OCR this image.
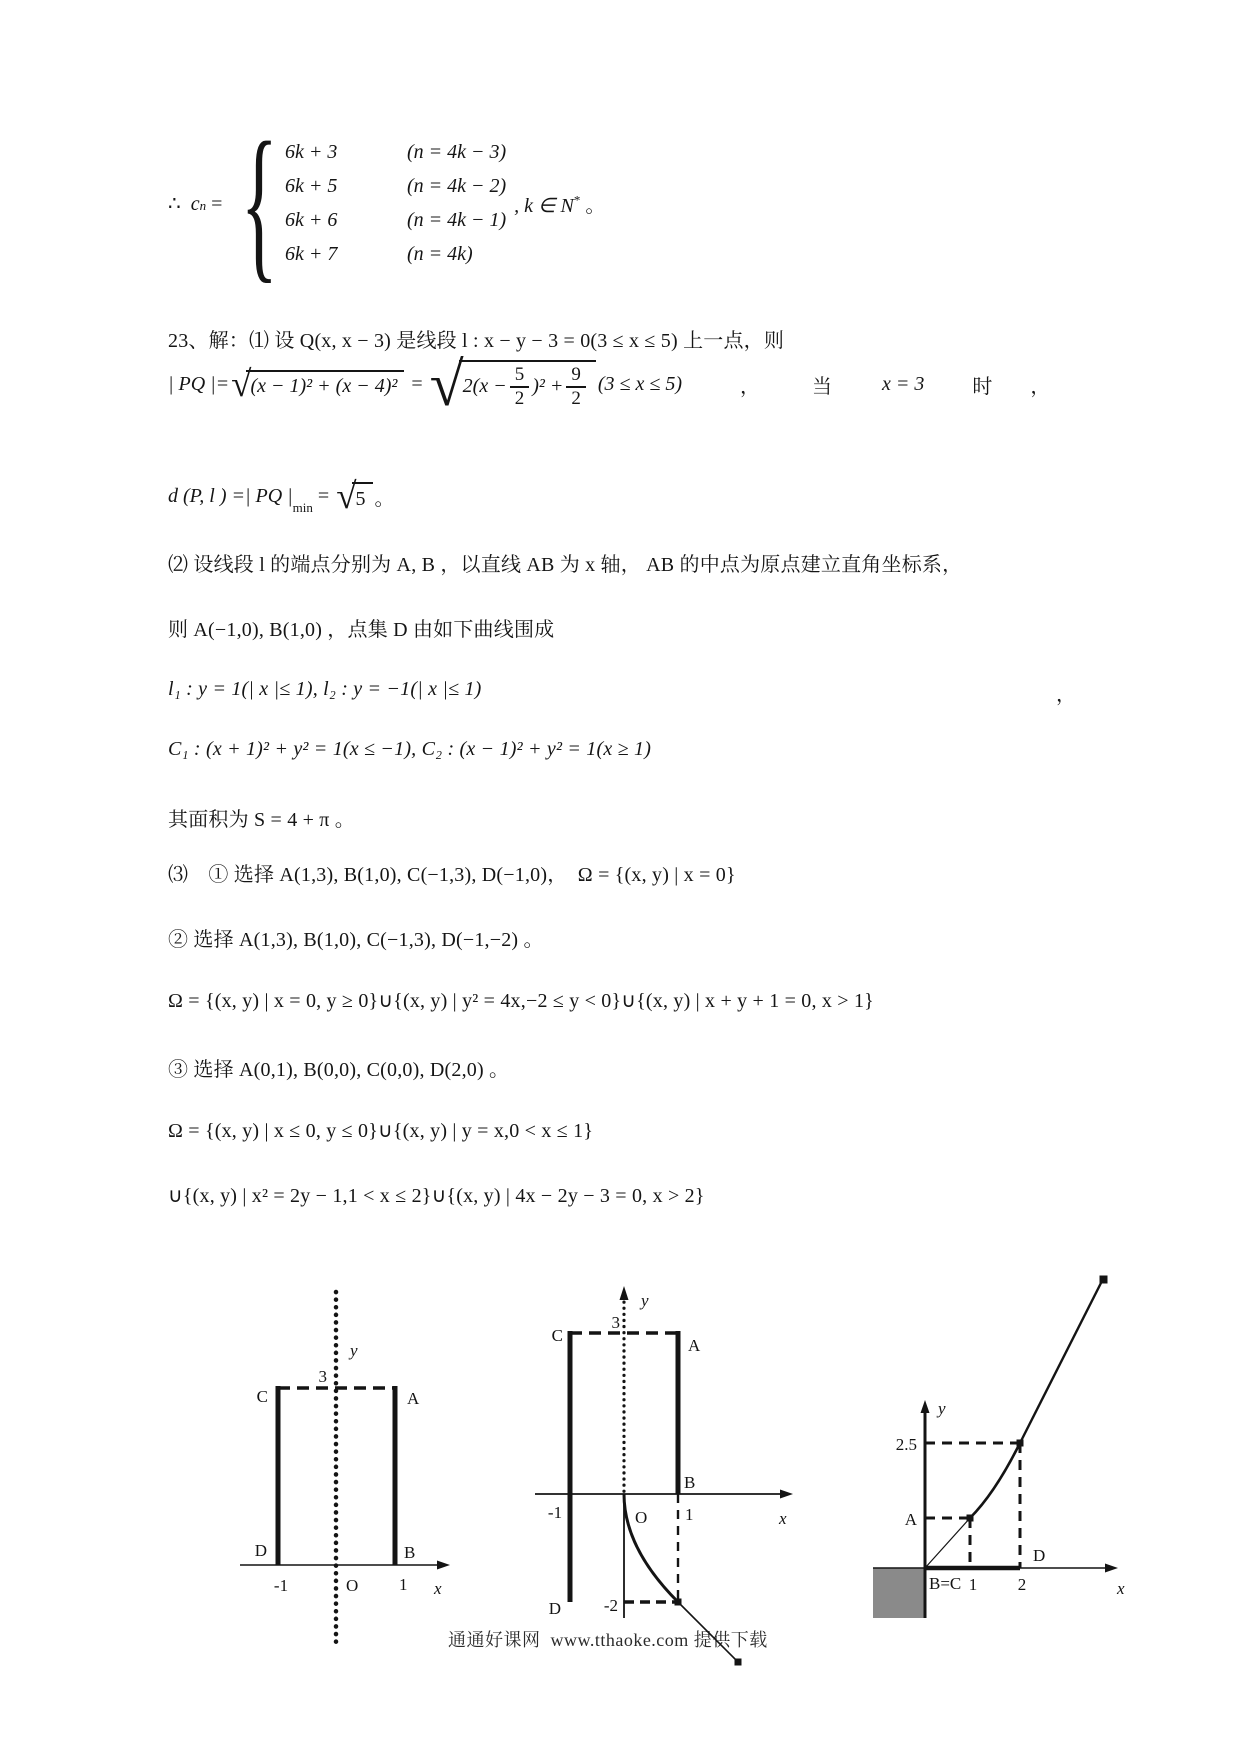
∴ c n = { 6k + 3	(n = 4k − 3)
6k + 5	(n = 4k − 2)
6k + 6	(n = 4k − 1)
6k + 7	(n = 4k)
, k ∈ N* 。
23、解：⑴ 设 Q(x, x − 3) 是线段 l : x − y − 3 = 0(3 ≤ x ≤ 5) 上一点，则
| PQ |= √ (x − 1)² + (x − 4)² = √ $2(x - \frac{5}{2} )^2 + \frac{9}{2} (3 \le x \le 5)$	，	当	x = 3 时 ，
d (P, l ) =| PQ | min = √ 5 。
⑵ 设线段 l 的端点分别为 A, B ，以直线 AB 为 x 轴， AB 的中点为原点建立直角坐标系，
则 A(−1,0), B(1,0) ，点集 D 由如下曲线围成
l₁ : y = 1(| x |≤ 1), l₂ : y = −1(| x |≤ 1)	，
C₁ : (x + 1)² + y² = 1(x ≤ −1), C₂ : (x − 1)² + y² = 1(x ≥ 1)
其面积为 S = 4 + π 。
⑶　① 选择 A(1,3), B(1,0), C(−1,3), D(−1,0)，  Ω = {(x, y) | x = 0}
② 选择 A(1,3), B(1,0), C(−1,3), D(−1,−2) 。
Ω = {(x, y) | x = 0, y ≥ 0}∪{(x, y) | y² = 4x,−2 ≤ y < 0}∪{(x, y) | x + y + 1 = 0, x > 1}
③ 选择 A(0,1), B(0,0), C(0,0), D(2,0) 。
Ω = {(x, y) | x ≤ 0, y ≤ 0}∪{(x, y) | y = x,0 < x ≤ 1}
∪{(x, y) | x² = 2y − 1,1 < x ≤ 2}∪{(x, y) | 4x − 2y − 3 = 0, x > 2}
通通好课网  www.tthaoke.com 提供下载
y
3
C	A
D	B
-1	O 1 x
y
3
C
A
D
B
-1	O 1	x
-2
y
2.5
A
B=C 1 2
D
x
